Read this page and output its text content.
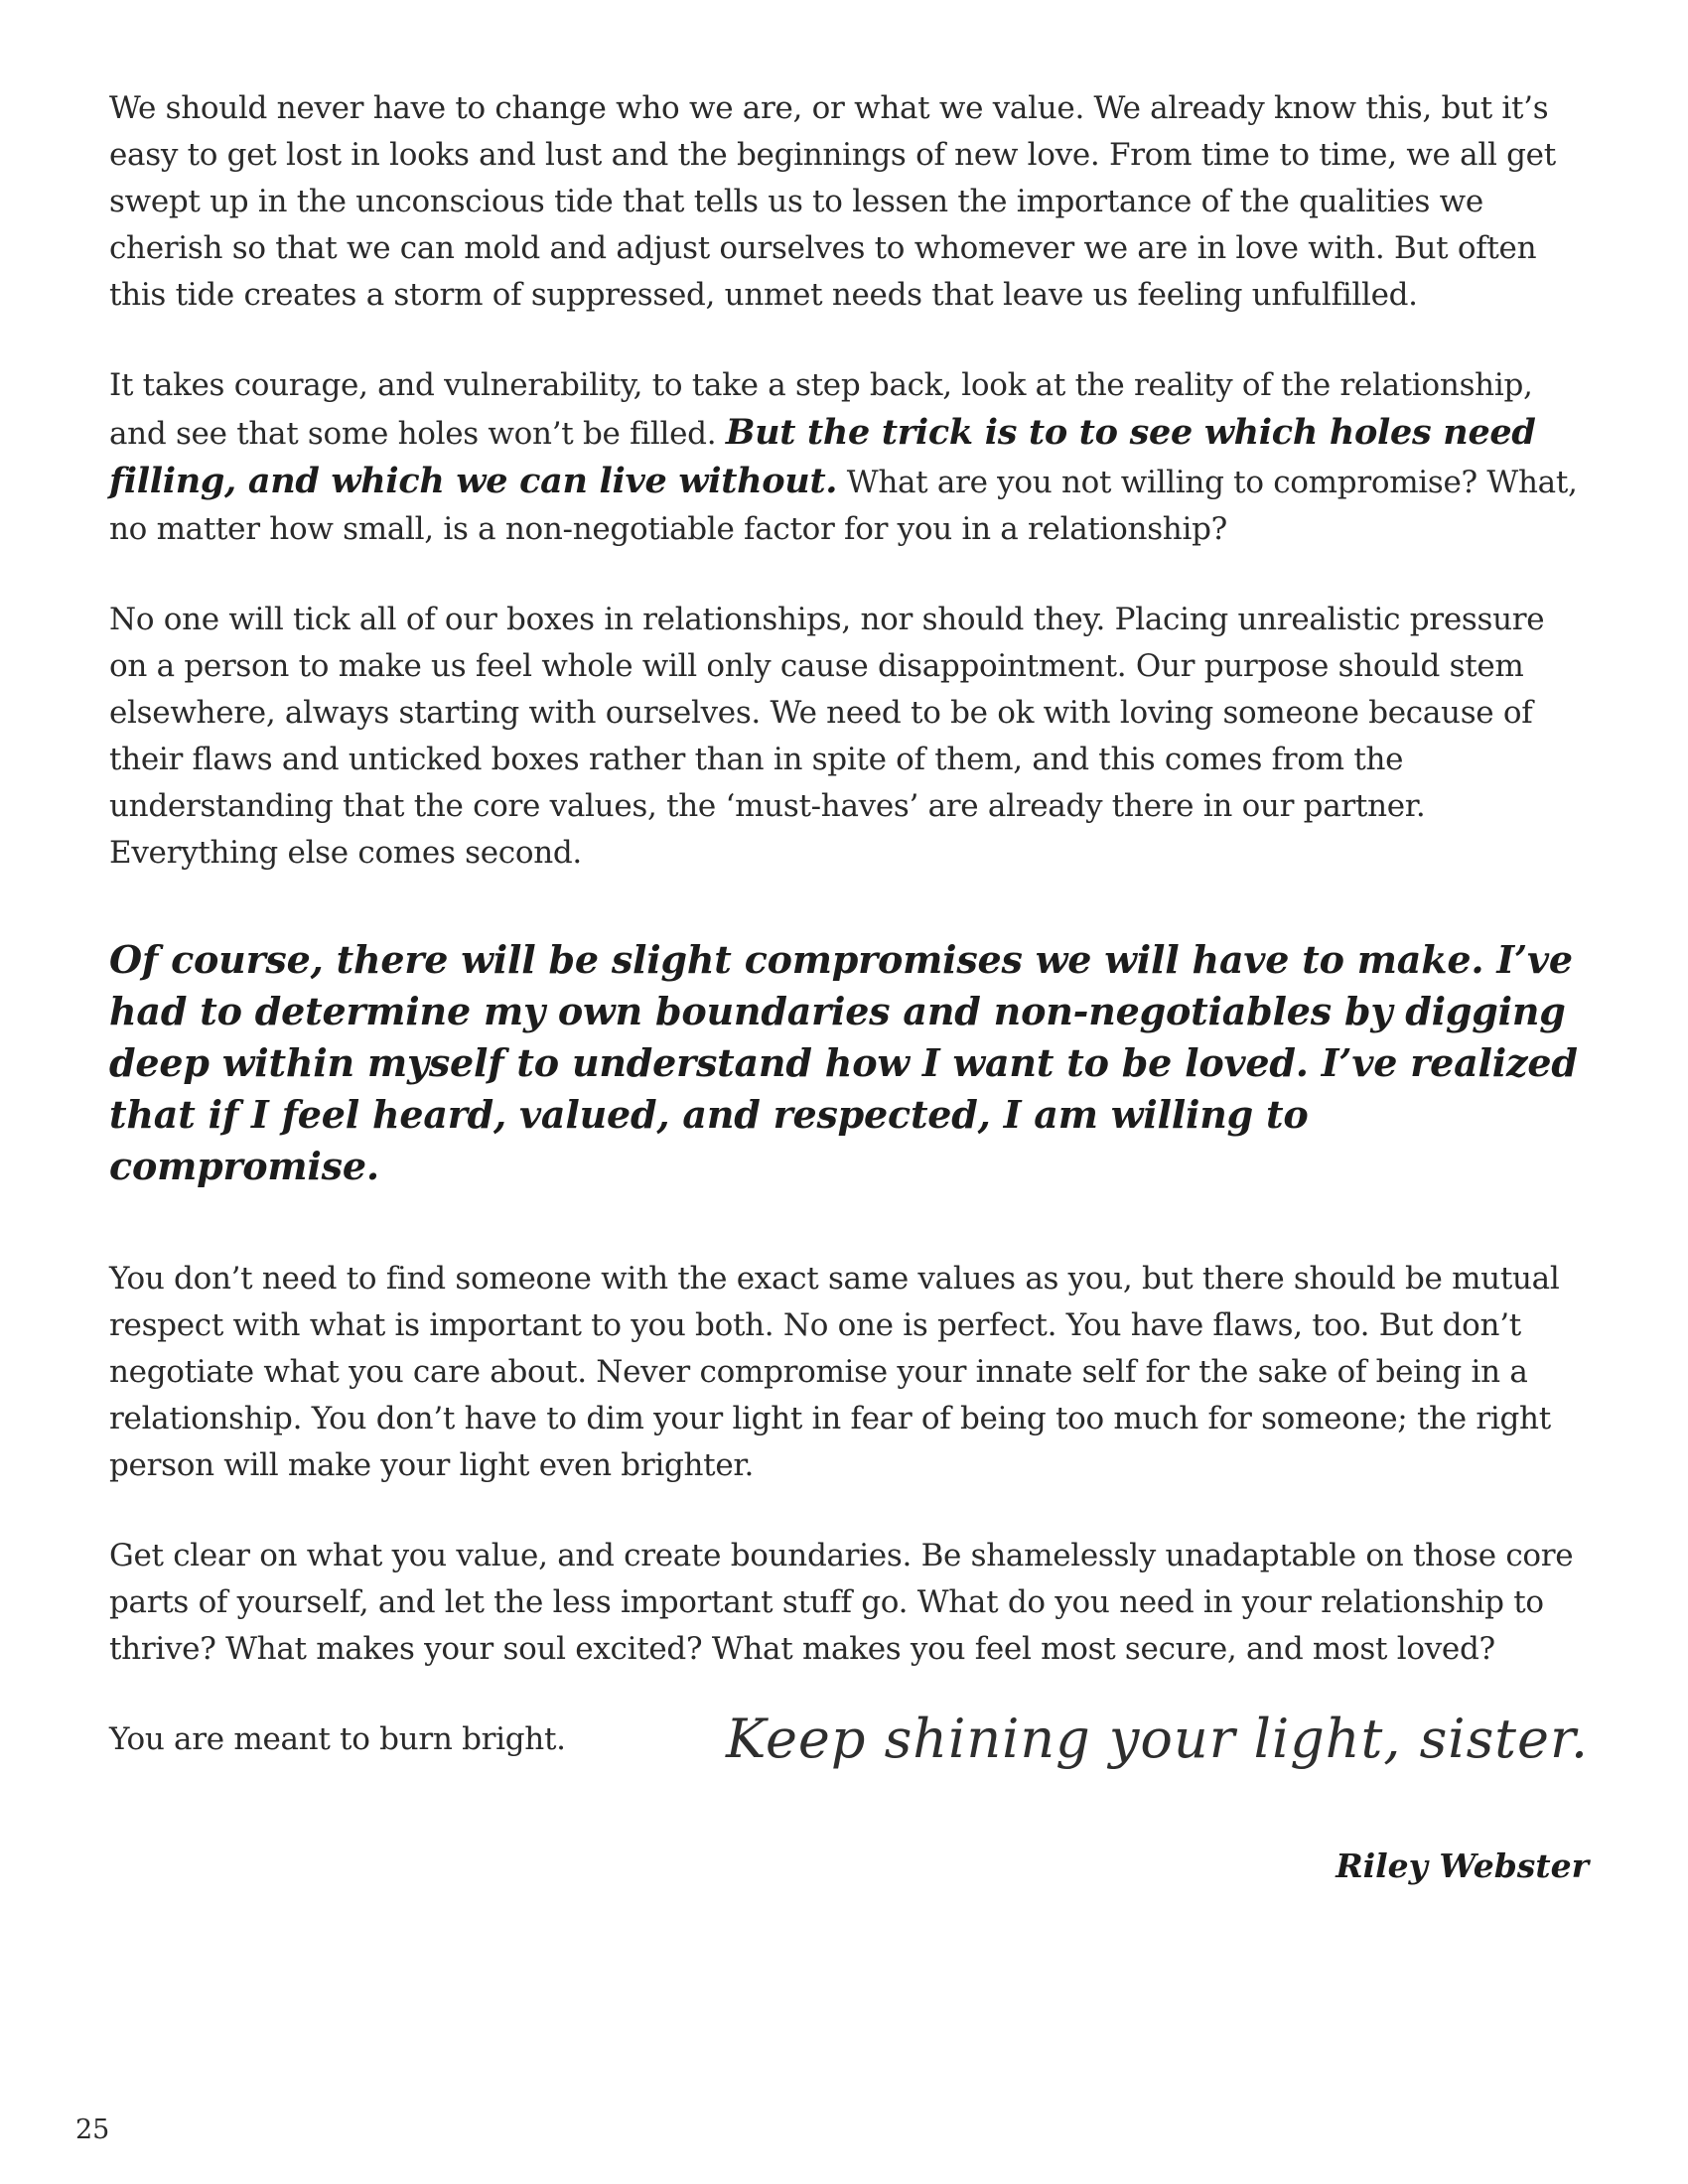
We should never have to change who we are, or what we value. We already know this, but it’s easy to get lost in looks and lust and the beginnings of new love. From time to time, we all get swept up in the unconscious tide that tells us to lessen the importance of the qualities we cherish so that we can mold and adjust ourselves to whomever we are in love with. But often this tide creates a storm of suppressed, unmet needs that leave us feeling unfulfilled.

It takes courage, and vulnerability, to take a step back, look at the reality of the relationship, and see that some holes won’t be filled. But the trick is to to see which holes need filling, and which we can live without. What are you not willing to compromise? What, no matter how small, is a non-negotiable factor for you in a relationship?

No one will tick all of our boxes in relationships, nor should they. Placing unrealistic pressure on a person to make us feel whole will only cause disappointment. Our purpose should stem elsewhere, always starting with ourselves. We need to be ok with loving someone because of their flaws and unticked boxes rather than in spite of them, and this comes from the understanding that the core values, the ‘must-haves’ are already there in our partner. Everything else comes second.

Of course, there will be slight compromises we will have to make. I’ve had to determine my own boundaries and non-negotiables by digging deep within myself to understand how I want to be loved. I’ve realized that if I feel heard, valued, and respected, I am willing to compromise.

You don’t need to find someone with the exact same values as you, but there should be mutual respect with what is important to you both. No one is perfect. You have flaws, too. But don’t negotiate what you care about. Never compromise your innate self for the sake of being in a relationship. You don’t have to dim your light in fear of being too much for someone; the right person will make your light even brighter.

Get clear on what you value, and create boundaries. Be shamelessly unadaptable on those core parts of yourself, and let the less important stuff go. What do you need in your relationship to thrive? What makes your soul excited? What makes you feel most secure, and most loved?

You are meant to burn bright.	Keep shining your light, sister.
Riley Webster
25
